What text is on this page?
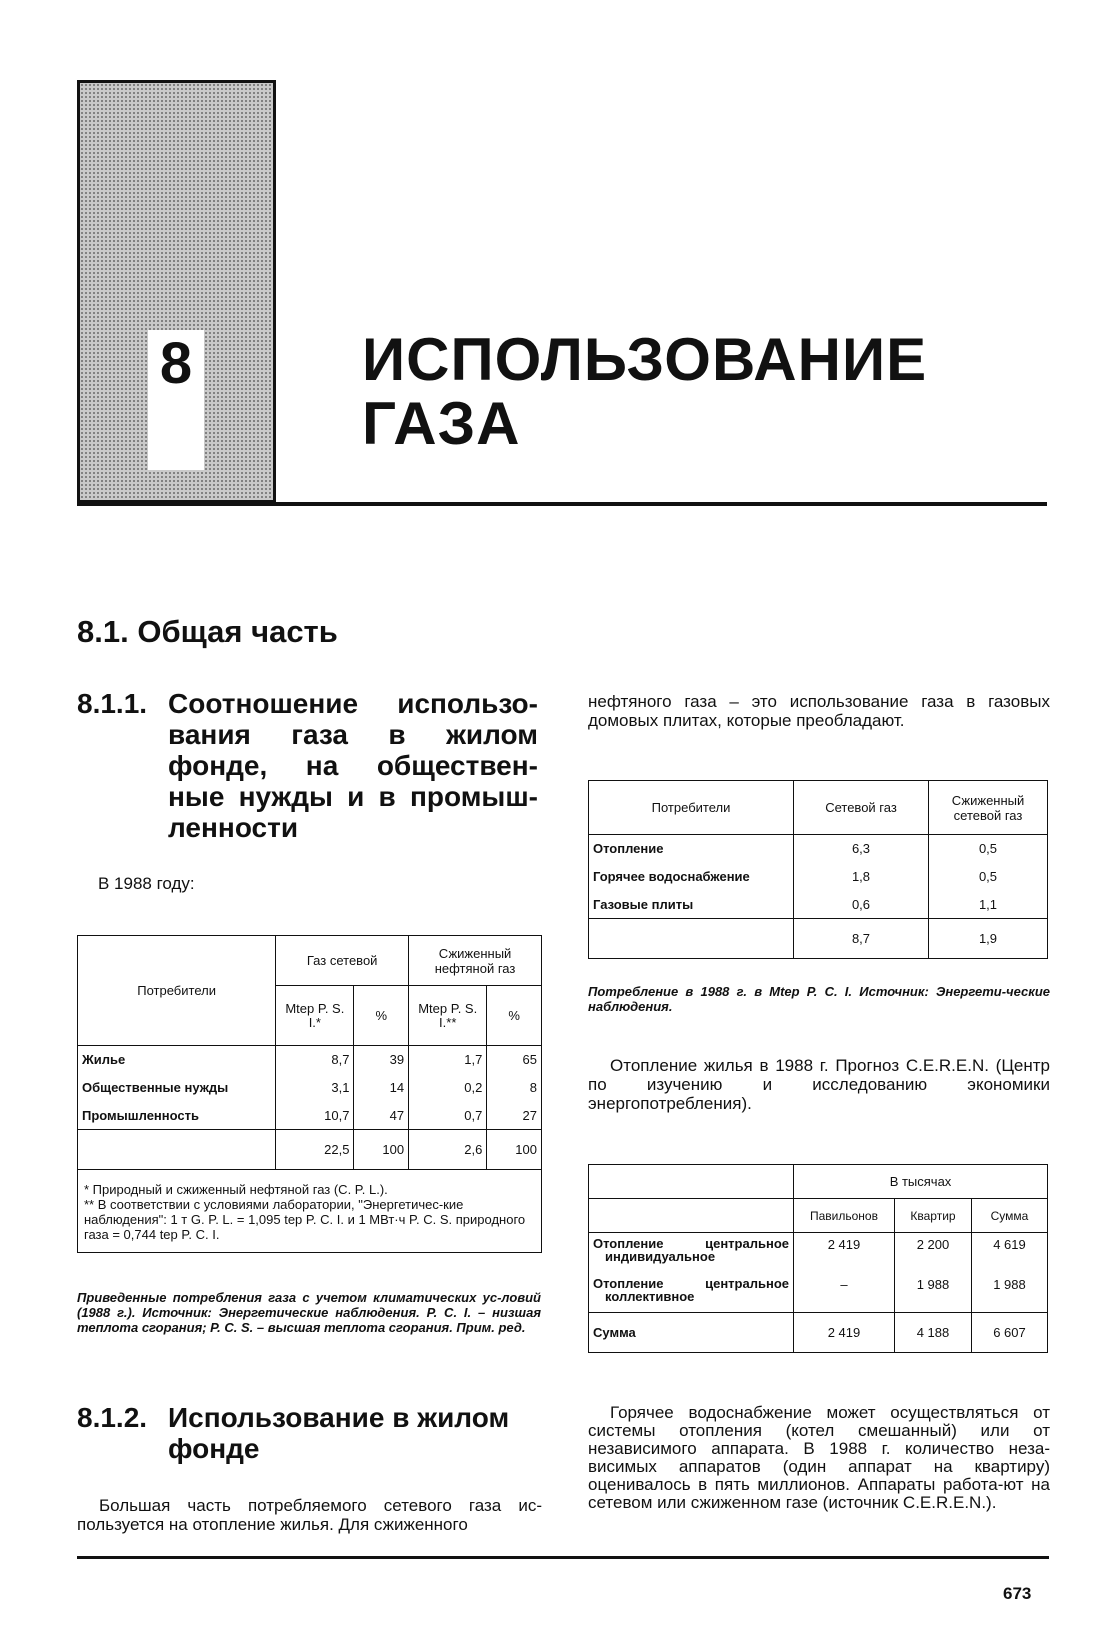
8	ИСПОЛЬЗОВАНИЕ
ГАЗА
8.1. Общая часть
8.1.1. Соотношение использо-
вания газа в жилом
фонде, на обществен-
ные нужды и в промыш-
ленности
В 1988 году:
Потребители	Газ сетевой		Сжиженный нефтяной газ	
	Mtep P. S. I.*	%	Mtep P. S. I.**	%
Жилье	8,7	39	1,7	65
Общественные нужды	3,1	14	0,2	8
Промышленность	10,7	47	0,7	27
	22,5	100	2,6	100

* Природный и сжиженный нефтяной газ (С. P. L.).
** В соответствии с условиями лаборатории, "Энергетичес-кие наблюдения": 1 т G. P. L. = 1,095 tep P. C. I. и 1 МВт·ч P. C. S. природного газа = 0,744 tep P. C. I.				
Приведенные потребления газа с учетом климатических ус-ловий (1988 г.). Источник: Энергетические наблюдения. P. C. I. – низшая теплота сгорания; P. C. S. – высшая теплота сгорания. Прим. ред.
8.1.2. Использование в жилом
фонде
Большая часть потребляемого сетевого газа ис-пользуется на отопление жилья. Для сжиженного
нефтяного газа – это использование газа в газовых домовых плитах, которые преобладают.
Потребители	Сетевой газ	Сжиженный сетевой газ
Отопление	6,3	0,5
Горячее водоснабжение	1,8	0,5
Газовые плиты	0,6	1,1
	8,7	1,9
Потребление в 1988 г. в Mtep P. C. I. Источник: Энергети-ческие наблюдения.
Отопление жилья в 1988 г. Прогноз C.E.R.E.N. (Центр по изучению и исследованию экономики энергопотребления).
	В тысячах		
	Павильонов	Квартир	Сумма

Отопление центральное
индивидуальное	2 419	2 200	4 619

Отопление центральное
коллективное	–	1 988	1 988
Сумма	2 419	4 188	6 607
Горячее водоснабжение может осуществляться от системы отопления (котел смешанный) или от независимого аппарата. В 1988 г. количество неза-висимых аппаратов (один аппарат на квартиру) оценивалось в пять миллионов. Аппараты работа-ют на сетевом или сжиженном газе (источник C.E.R.E.N.).
673
